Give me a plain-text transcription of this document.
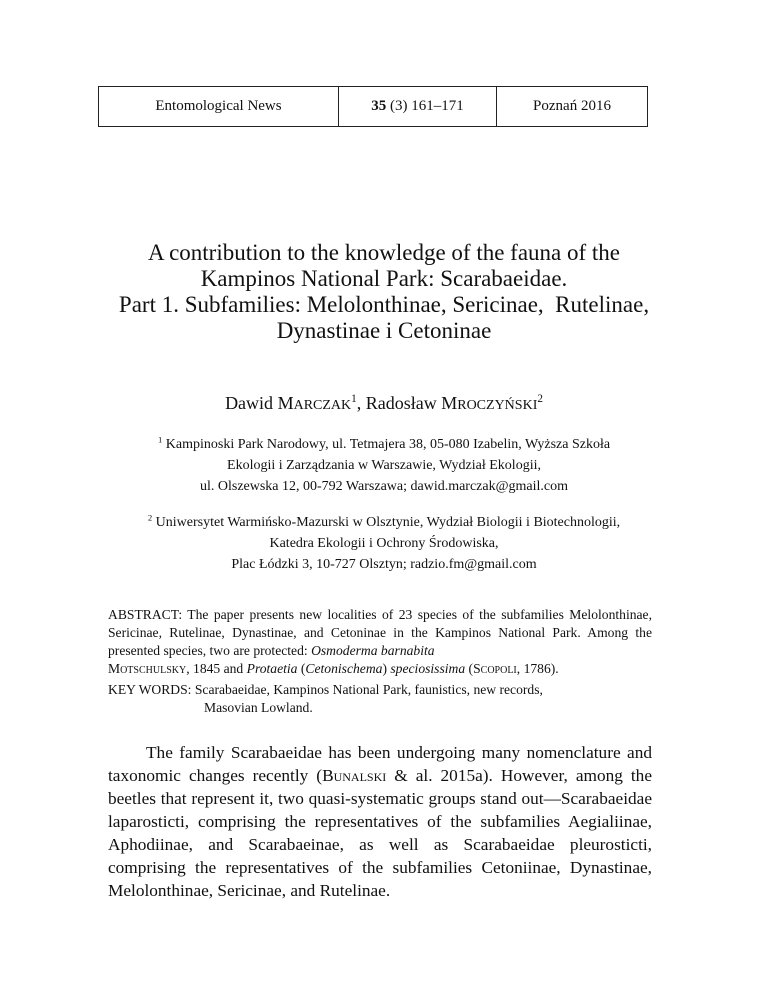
Entomological News	35 (3) 161–171	Poznań 2016
A contribution to the knowledge of the fauna of the
Kampinos National Park: Scarabaeidae.
Part 1. Subfamilies: Melolonthinae, Sericinae,  Rutelinae,
Dynastinae i Cetoninae
Dawid MARCZAK$^1$, Radosław MROCZYŃSKI$^2$
$^1$ Kampinoski Park Narodowy, ul. Tetmajera 38, 05-080 Izabelin, Wyższa Szkoła
Ekologii i Zarządzania w Warszawie, Wydział Ekologii,
ul. Olszewska 12, 00-792 Warszawa; dawid.marczak@gmail.com
$^2$ Uniwersytet Warmińsko-Mazurski w Olsztynie, Wydział Biologii i Biotechnologii,
Katedra Ekologii i Ochrony Środowiska,
Plac Łódzki 3, 10-727 Olsztyn; radzio.fm@gmail.com
ABSTRACT: The paper presents new localities of 23 species of the subfamilies Melolonthinae, Sericinae, Rutelinae, Dynastinae, and Cetoninae in the Kampinos National Park. Among the presented species, two are protected: Osmoderma barnabita
Motschulsky, 1845 and Protaetia (Cetonischema) speciosissima (Scopoli, 1786).
KEY WORDS: Scarabaeidae, Kampinos National Park, faunistics, new records,
Masovian Lowland.

The family Scarabaeidae has been undergoing many nomenclature and taxonomic changes recently (Bunalski & al. 2015a). However, among the beetles that represent it, two quasi-systematic groups stand out—Scarabaeidae laparosticti, comprising the representatives of the subfamilies Aegialiinae, Aphodiinae, and Scarabaeinae, as well as Scarabaeidae pleurosticti, comprising the representatives of the subfamilies Cetoniinae, Dynastinae, Melolonthinae, Sericinae, and Rutelinae.
